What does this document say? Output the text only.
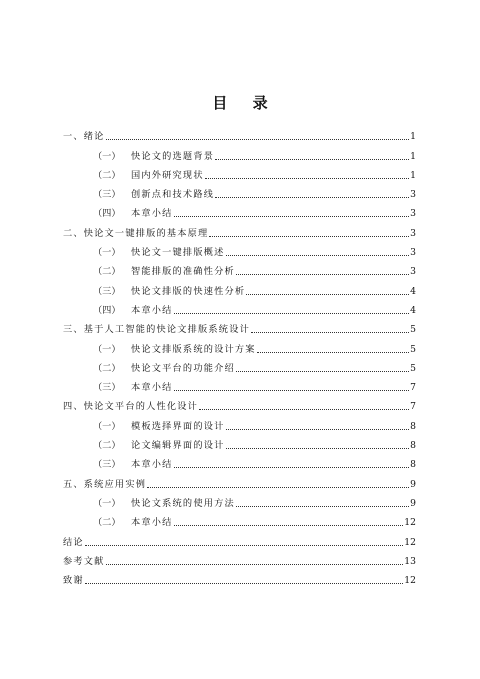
目 录
一、绪论	1
（一） 快论文的选题背景	1
（二） 国内外研究现状	1
（三） 创新点和技术路线	3
（四） 本章小结	3
二、快论文一键排版的基本原理	3
（一） 快论文一键排版概述	3
（二） 智能排版的准确性分析	3
（三） 快论文排版的快速性分析	4
（四） 本章小结	4
三、基于人工智能的快论文排版系统设计	5
（一） 快论文排版系统的设计方案	5
（二） 快论文平台的功能介绍	5
（三） 本章小结	7
四、快论文平台的人性化设计	7
（一） 模板选择界面的设计	8
（二） 论文编辑界面的设计	8
（三） 本章小结	8
五、系统应用实例	9
（一） 快论文系统的使用方法	9
（二） 本章小结	12
结论	12
参考文献	13
致谢	12
